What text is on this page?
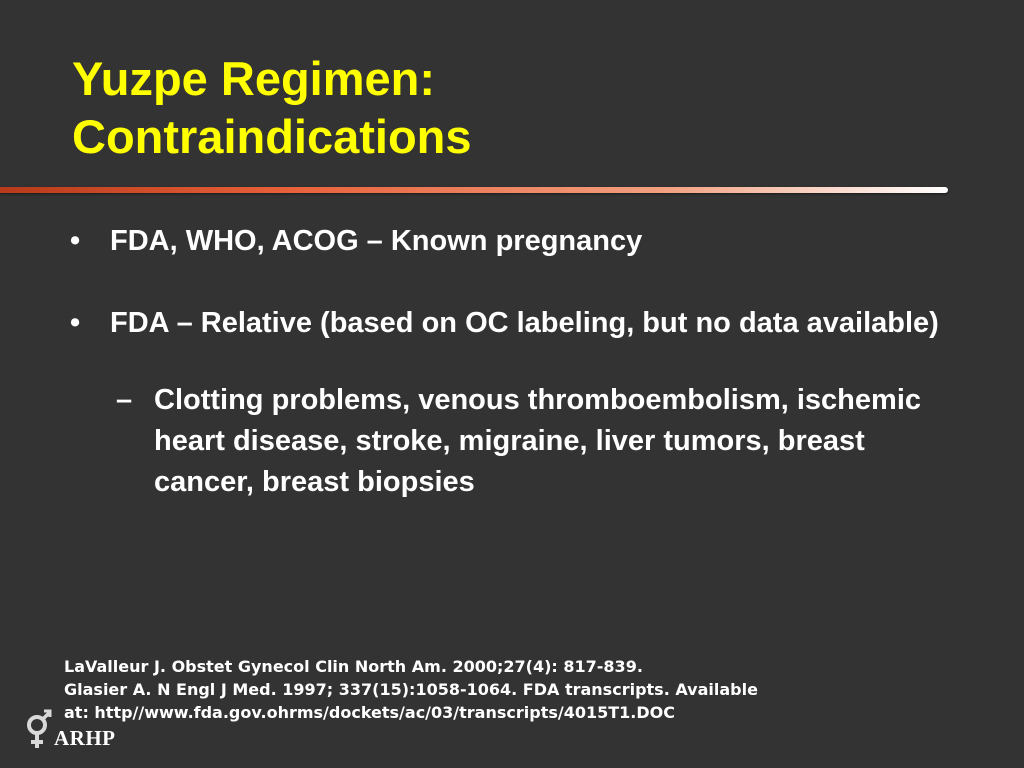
Yuzpe Regimen:
Contraindications
•	FDA, WHO, ACOG – Known pregnancy
•	FDA – Relative (based on OC labeling, but no data available)
– Clotting problems, venous thromboembolism, ischemic heart disease, stroke, migraine, liver tumors, breast cancer, breast biopsies
LaValleur J. Obstet Gynecol Clin North Am. 2000;27(4): 817-839.
Glasier A. N Engl J Med. 1997; 337(15):1058-1064. FDA transcripts. Available
at: http//www.fda.gov.ohrms/dockets/ac/03/transcripts/4015T1.DOC
ARHP
